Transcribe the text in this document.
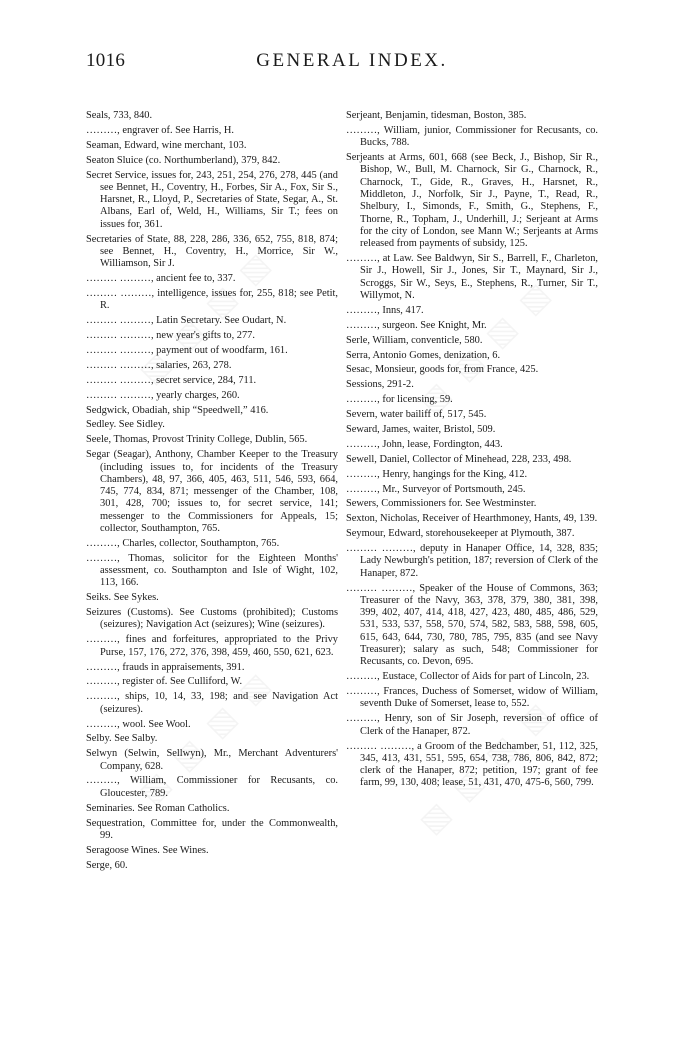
1016	GENERAL INDEX.

Seals, 733, 840.

………, engraver of. See Harris, H.

Seaman, Edward, wine merchant, 103.

Seaton Sluice (co. Northumberland), 379, 842.

Secret Service, issues for, 243, 251, 254, 276, 278, 445 (and see Bennet, H., Coventry, H., Forbes, Sir A., Fox, Sir S., Harsnet, R., Lloyd, P., Secretaries of State, Segar, A., St. Albans, Earl of, Weld, H., Williams, Sir T.; fees on issues for, 361.

Secretaries of State, 88, 228, 286, 336, 652, 755, 818, 874; see Bennet, H., Coventry, H., Morrice, Sir W., Williamson, Sir J.

……… ………, ancient fee to, 337.

……… ………, intelligence, issues for, 255, 818; see Petit, R.

……… ………, Latin Secretary. See Oudart, N.

……… ………, new year's gifts to, 277.

……… ………, payment out of woodfarm, 161.

……… ………, salaries, 263, 278.

……… ………, secret service, 284, 711.

……… ………, yearly charges, 260.

Sedgwick, Obadiah, ship “Speedwell,” 416.

Sedley. See Sidley.

Seele, Thomas, Provost Trinity College, Dublin, 565.

Segar (Seagar), Anthony, Chamber Keeper to the Treasury (including issues to, for incidents of the Treasury Chambers), 48, 97, 366, 405, 463, 511, 546, 593, 664, 745, 774, 834, 871; messenger of the Chamber, 108, 301, 428, 700; issues to, for secret service, 141; messenger to the Commissioners for Appeals, 15; collector, Southampton, 765.

………, Charles, collector, Southampton, 765.

………, Thomas, solicitor for the Eighteen Months' assessment, co. Southampton and Isle of Wight, 102, 113, 166.

Seiks. See Sykes.

Seizures (Customs). See Customs (prohibited); Customs (seizures); Navigation Act (seizures); Wine (seizures).

………, fines and forfeitures, appropriated to the Privy Purse, 157, 176, 272, 376, 398, 459, 460, 550, 621, 623.

………, frauds in appraisements, 391.

………, register of. See Culliford, W.

………, ships, 10, 14, 33, 198; and see Navigation Act (seizures).

………, wool. See Wool.

Selby. See Salby.

Selwyn (Selwin, Sellwyn), Mr., Merchant Adventurers' Company, 628.

………, William, Commissioner for Recusants, co. Gloucester, 789.

Seminaries. See Roman Catholics.

Sequestration, Committee for, under the Commonwealth, 99.

Seragoose Wines. See Wines.

Serge, 60.

Serjeant, Benjamin, tidesman, Boston, 385.

………, William, junior, Commissioner for Recusants, co. Bucks, 788.

Serjeants at Arms, 601, 668 (see Beck, J., Bishop, Sir R., Bishop, W., Bull, M. Charnock, Sir G., Charnock, R., Charnock, T., Gide, R., Graves, H., Harsnet, R., Middleton, J., Norfolk, Sir J., Payne, T., Read, R., Shelbury, I., Simonds, F., Smith, G., Stephens, F., Thorne, R., Topham, J., Underhill, J.; Serjeant at Arms for the city of London, see Mann W.; Serjeants at Arms released from payments of subsidy, 125.

………, at Law. See Baldwyn, Sir S., Barrell, F., Charleton, Sir J., Howell, Sir J., Jones, Sir T., Maynard, Sir J., Scroggs, Sir W., Seys, E., Stephens, R., Turner, Sir T., Willymot, N.

………, Inns, 417.

………, surgeon. See Knight, Mr.

Serle, William, conventicle, 580.

Serra, Antonio Gomes, denization, 6.

Sesac, Monsieur, goods for, from France, 425.

Sessions, 291-2.

………, for licensing, 59.

Severn, water bailiff of, 517, 545.

Seward, James, waiter, Bristol, 509.

………, John, lease, Fordington, 443.

Sewell, Daniel, Collector of Minehead, 228, 233, 498.

………, Henry, hangings for the King, 412.

………, Mr., Surveyor of Portsmouth, 245.

Sewers, Commissioners for. See Westminster.

Sexton, Nicholas, Receiver of Hearthmoney, Hants, 49, 139.

Seymour, Edward, storehousekeeper at Plymouth, 387.

……… ………, deputy in Hanaper Office, 14, 328, 835; Lady Newburgh's petition, 187; reversion of Clerk of the Hanaper, 872.

……… ………, Speaker of the House of Commons, 363; Treasurer of the Navy, 363, 378, 379, 380, 381, 398, 399, 402, 407, 414, 418, 427, 423, 480, 485, 486, 529, 531, 533, 537, 558, 570, 574, 582, 583, 588, 598, 605, 615, 643, 644, 730, 780, 785, 795, 835 (and see Navy Treasurer); salary as such, 548; Commissioner for Recusants, co. Devon, 695.

………, Eustace, Collector of Aids for part of Lincoln, 23.

………, Frances, Duchess of Somerset, widow of William, seventh Duke of Somerset, lease to, 552.

………, Henry, son of Sir Joseph, reversion of office of Clerk of the Hanaper, 872.

……… ………, a Groom of the Bedchamber, 51, 112, 325, 345, 413, 431, 551, 595, 654, 738, 786, 806, 842, 872; clerk of the Hanaper, 872; petition, 197; grant of fee farm, 99, 130, 408; lease, 51, 431, 470, 475-6, 560, 799.
